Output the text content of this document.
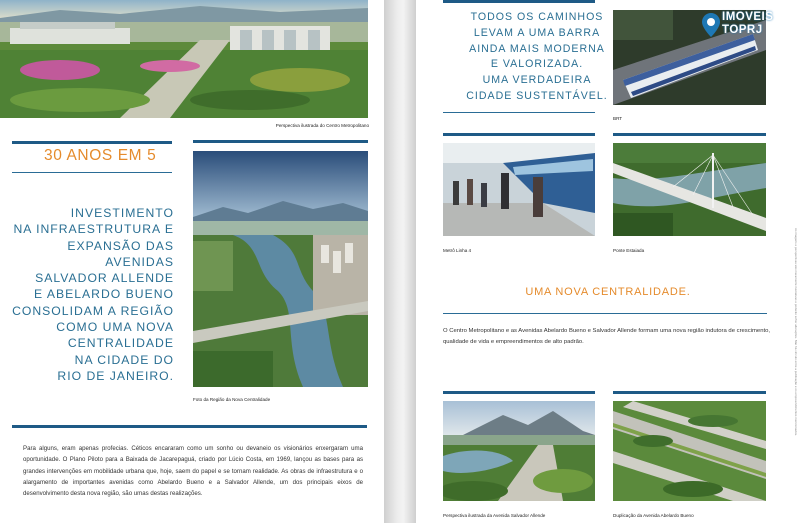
Perspectiva ilustrada do Centro Metropolitano
30 ANOS EM 5
INVESTIMENTO
NA INFRAESTRUTURA E
EXPANSÃO DAS AVENIDAS
SALVADOR ALLENDE
E ABELARDO BUENO
CONSOLIDAM A REGIÃO
COMO UMA NOVA
CENTRALIDADE
NA CIDADE DO
RIO DE JANEIRO.
Foto da Região da Nova Centralidade
Para alguns, eram apenas profecias. Céticos encararam como um sonho ou devaneio os visionários enxergaram uma oportunidade. O Plano Piloto para a Baixada de Jacarepaguá, criado por Lúcio Costa, em 1969, lançou as bases para as grandes intervenções em mobilidade urbana que, hoje, saem do papel e se tornam realidade. As obras de infraestrutura e o alargamento de importantes avenidas como Abelardo Bueno e a Salvador Allende, um dos principais eixos de desenvolvimento desta nova região, são umas destas realizações.
TODOS OS CAMINHOS
LEVAM A UMA BARRA
AINDA MAIS MODERNA
E VALORIZADA.
UMA VERDADEIRA
CIDADE SUSTENTÁVEL.
BRT
IMOVEIS
TOPRJ
Metrô Linha 4	Ponte Estaiada
UMA NOVA CENTRALIDADE.
O Centro Metropolitano e as Avenidas Abelardo Bueno e Salvador Allende formam uma nova região indutora de crescimento, qualidade de vida e empreendimentos de alto padrão.
Perspectiva ilustrada da Avenida Salvador Allende	Duplicação da Avenida Abelardo Bueno
As imagens e perspectivas são meramente ilustrativas e poderão sofrer alterações. Não há vínculo entre a publicação e os empreendimentos mencionados.
